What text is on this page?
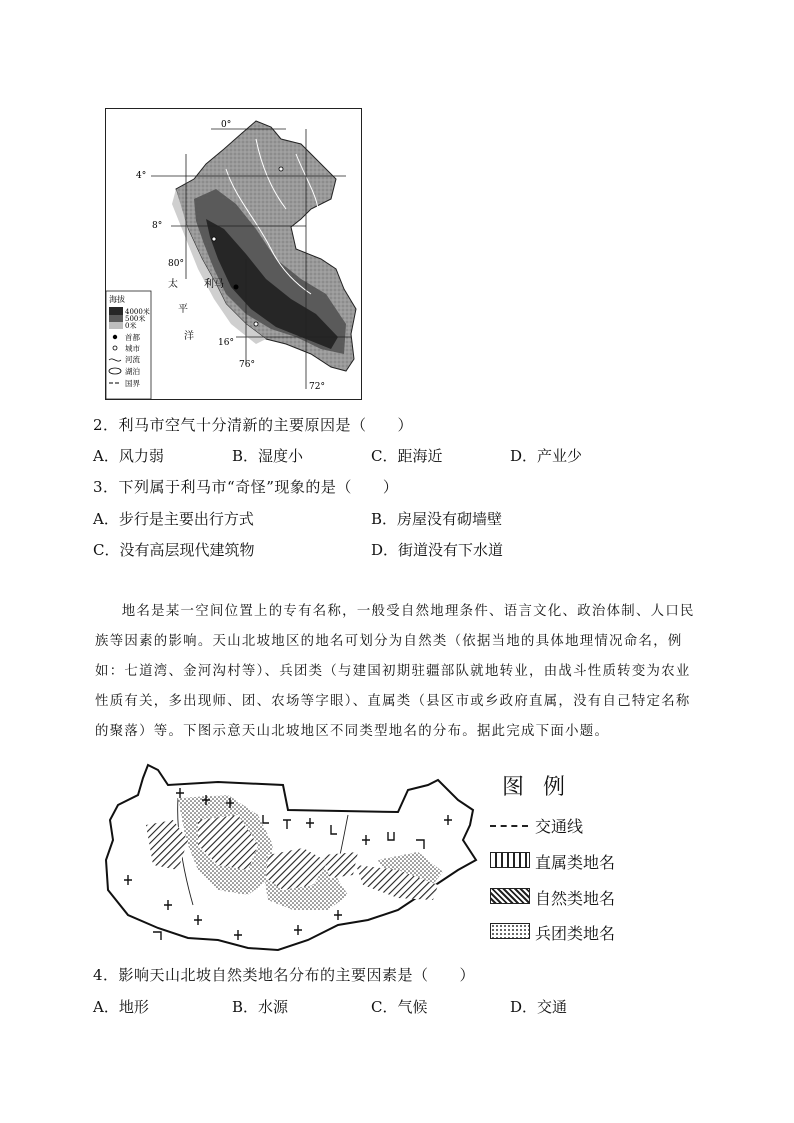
0°
4°
8°
16°
80°
76°
72°
太
平
洋
利马
海拔
4000米
500米
0米
首都
城市
河流
湖泊
国界
2．利马市空气十分清新的主要原因是（　　）
A．风力弱	B．湿度小	C．距海近	D．产业少
3．下列属于利马市“奇怪”现象的是（　　）
A．步行是主要出行方式	B．房屋没有砌墙壁
C．没有高层现代建筑物	D．街道没有下水道
地名是某一空间位置上的专有名称，一般受自然地理条件、语言文化、政治体制、人口民族等因素的影响。天山北坡地区的地名可划分为自然类（依据当地的具体地理情况命名，例如：七道湾、金河沟村等）、兵团类（与建国初期驻疆部队就地转业，由战斗性质转变为农业性质有关，多出现师、团、农场等字眼）、直属类（县区市或乡政府直属，没有自己特定名称的聚落）等。下图示意天山北坡地区不同类型地名的分布。据此完成下面小题。
图 例
交通线
直属类地名
自然类地名
兵团类地名
4．影响天山北坡自然类地名分布的主要因素是（　　）
A．地形	B．水源	C．气候	D．交通
